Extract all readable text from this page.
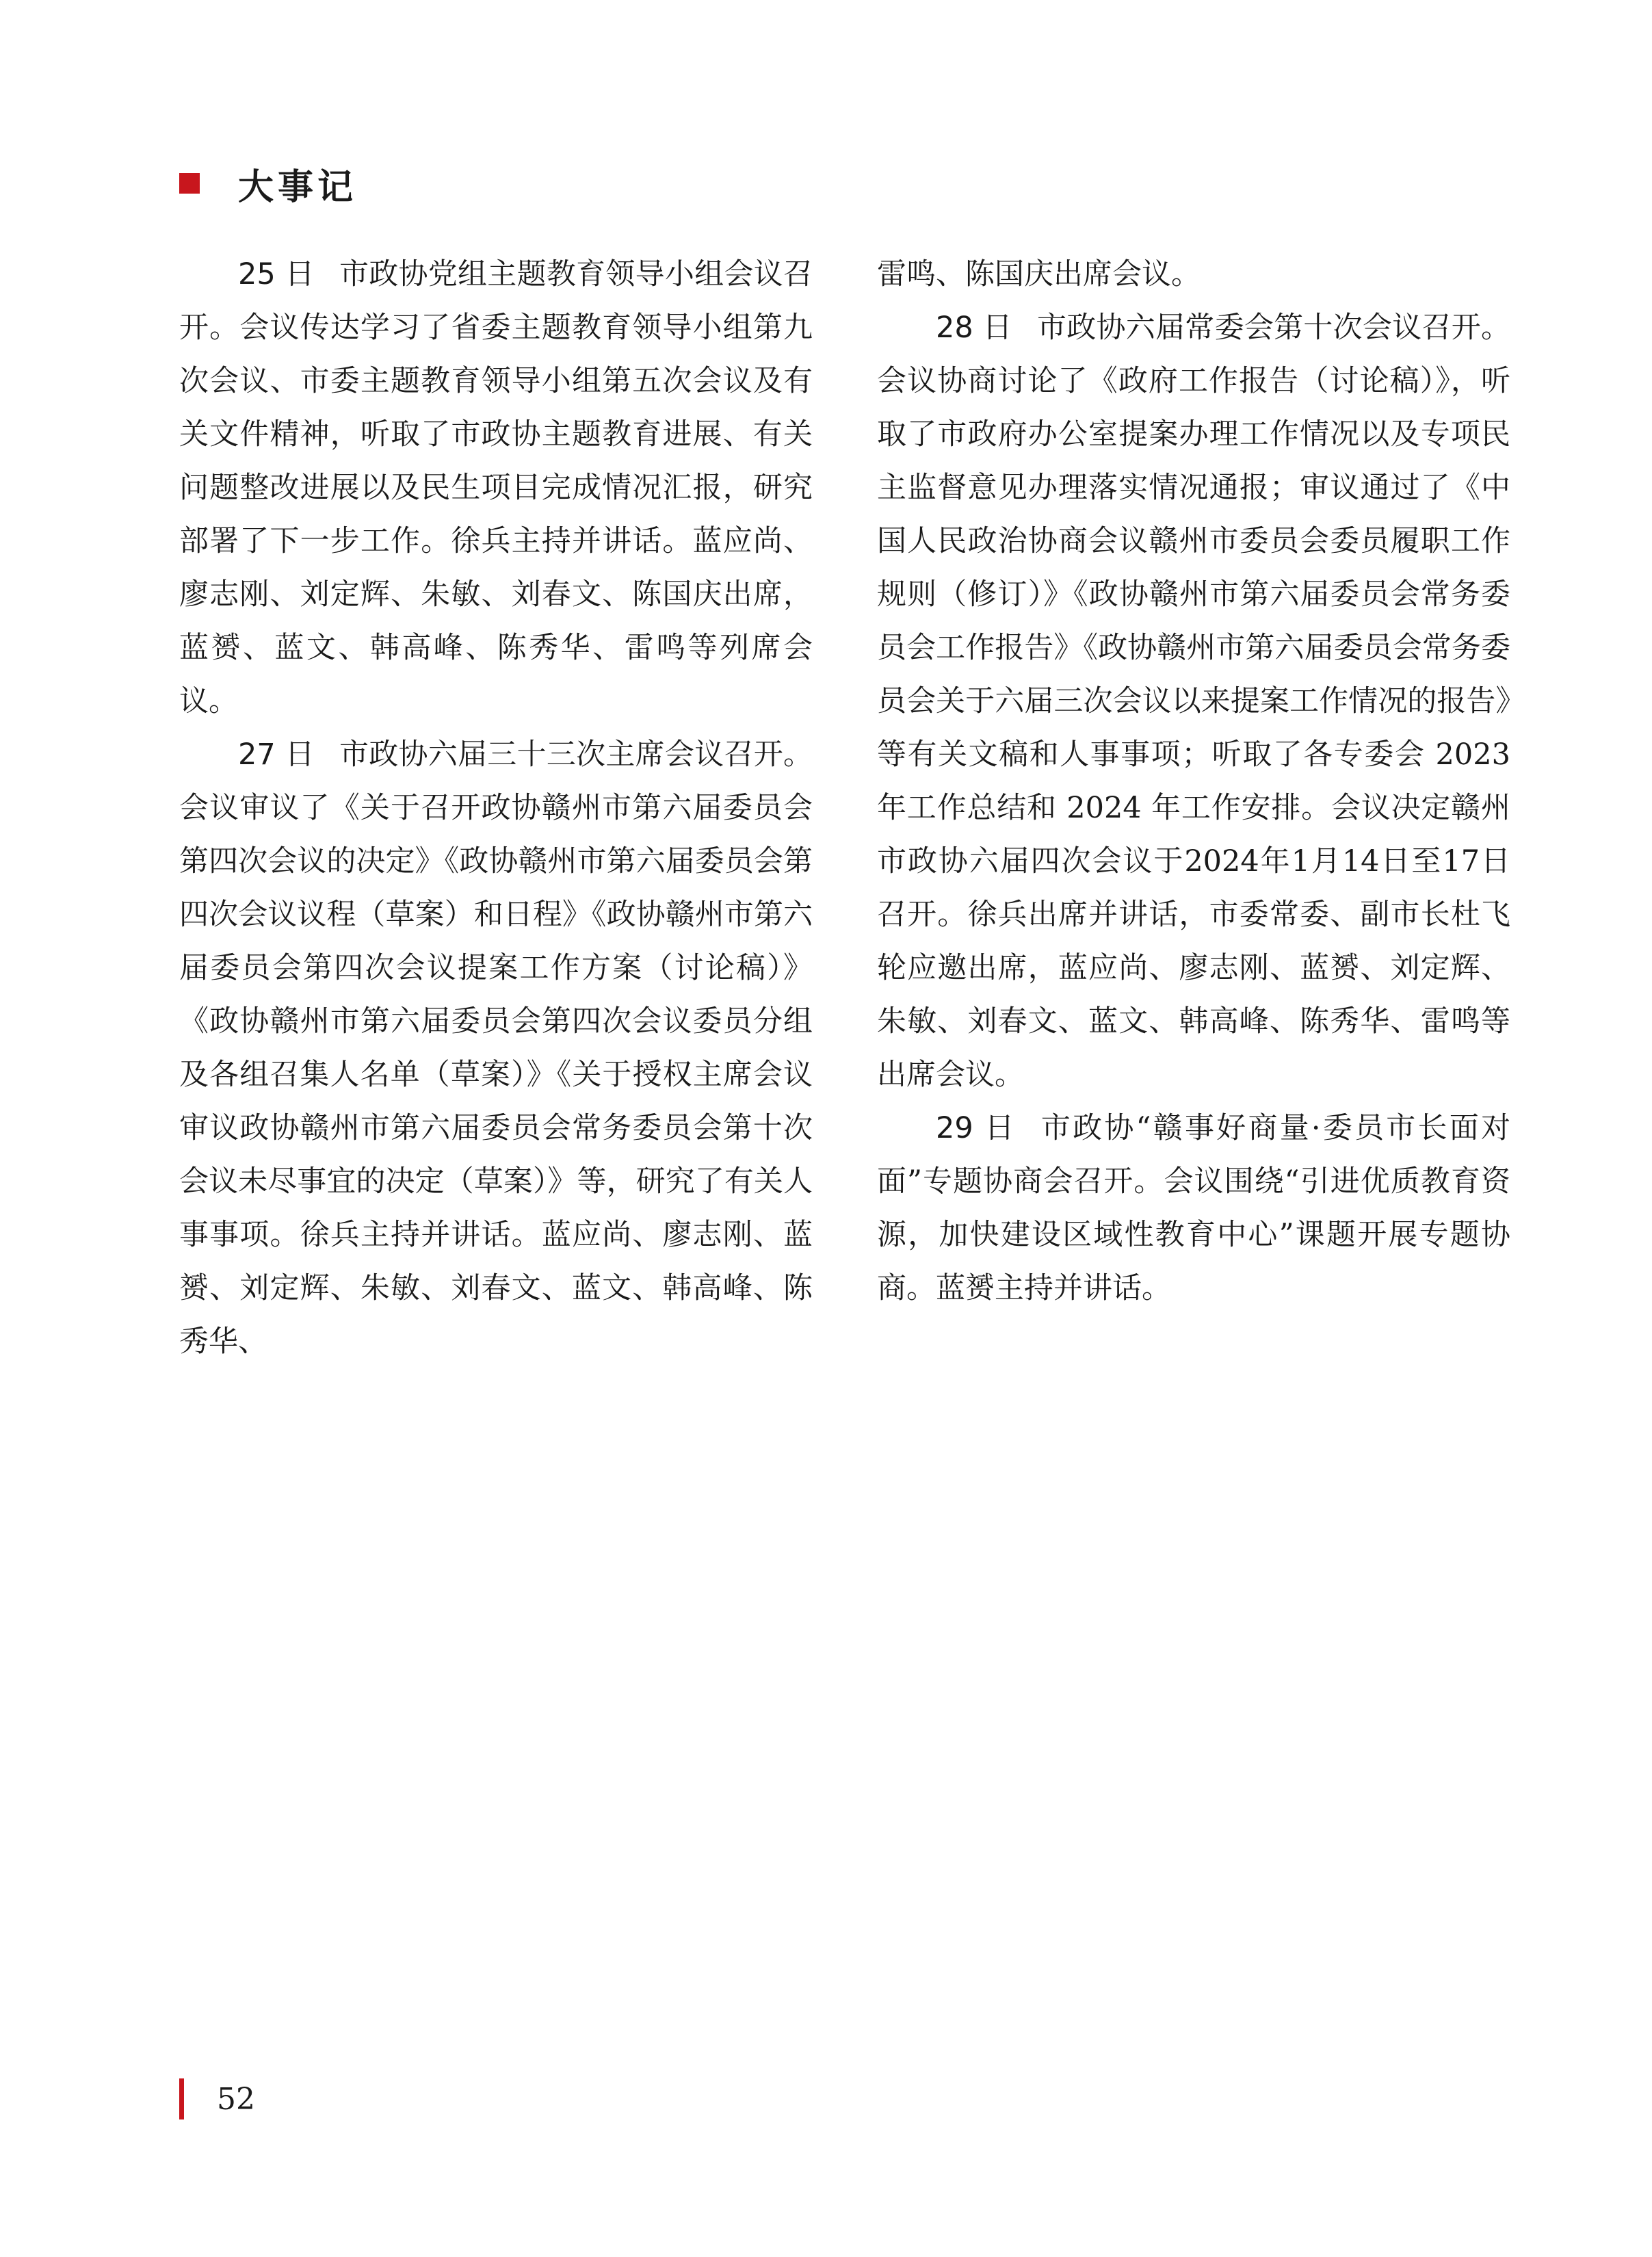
大事记

25 日 市政协党组主题教育领导小组会议召开。会议传达学习了省委主题教育领导小组第九次会议、市委主题教育领导小组第五次会议及有关文件精神，听取了市政协主题教育进展、有关问题整改进展以及民生项目完成情况汇报，研究部署了下一步工作。徐兵主持并讲话。蓝应尚、廖志刚、刘定辉、朱敏、刘春文、陈国庆出席，蓝赟、蓝文、韩高峰、陈秀华、雷鸣等列席会议。

27 日 市政协六届三十三次主席会议召开。会议审议了《关于召开政协赣州市第六届委员会第四次会议的决定》《政协赣州市第六届委员会第四次会议议程（草案）和日程》《政协赣州市第六届委员会第四次会议提案工作方案（讨论稿）》《政协赣州市第六届委员会第四次会议委员分组及各组召集人名单（草案）》《关于授权主席会议审议政协赣州市第六届委员会常务委员会第十次会议未尽事宜的决定（草案）》等，研究了有关人事事项。徐兵主持并讲话。蓝应尚、廖志刚、蓝赟、刘定辉、朱敏、刘春文、蓝文、韩高峰、陈秀华、

雷鸣、陈国庆出席会议。

28 日 市政协六届常委会第十次会议召开。会议协商讨论了《政府工作报告（讨论稿）》，听取了市政府办公室提案办理工作情况以及专项民主监督意见办理落实情况通报；审议通过了《中国人民政治协商会议赣州市委员会委员履职工作规则（修订）》《政协赣州市第六届委员会常务委员会工作报告》《政协赣州市第六届委员会常务委员会关于六届三次会议以来提案工作情况的报告》等有关文稿和人事事项；听取了各专委会 2023 年工作总结和 2024 年工作安排。会议决定赣州市政协六届四次会议于2024年1月14日至17日召开。徐兵出席并讲话，市委常委、副市长杜飞轮应邀出席，蓝应尚、廖志刚、蓝赟、刘定辉、朱敏、刘春文、蓝文、韩高峰、陈秀华、雷鸣等出席会议。

29 日 市政协“赣事好商量·委员市长面对面”专题协商会召开。会议围绕“引进优质教育资源，加快建设区域性教育中心”课题开展专题协商。蓝赟主持并讲话。

52
